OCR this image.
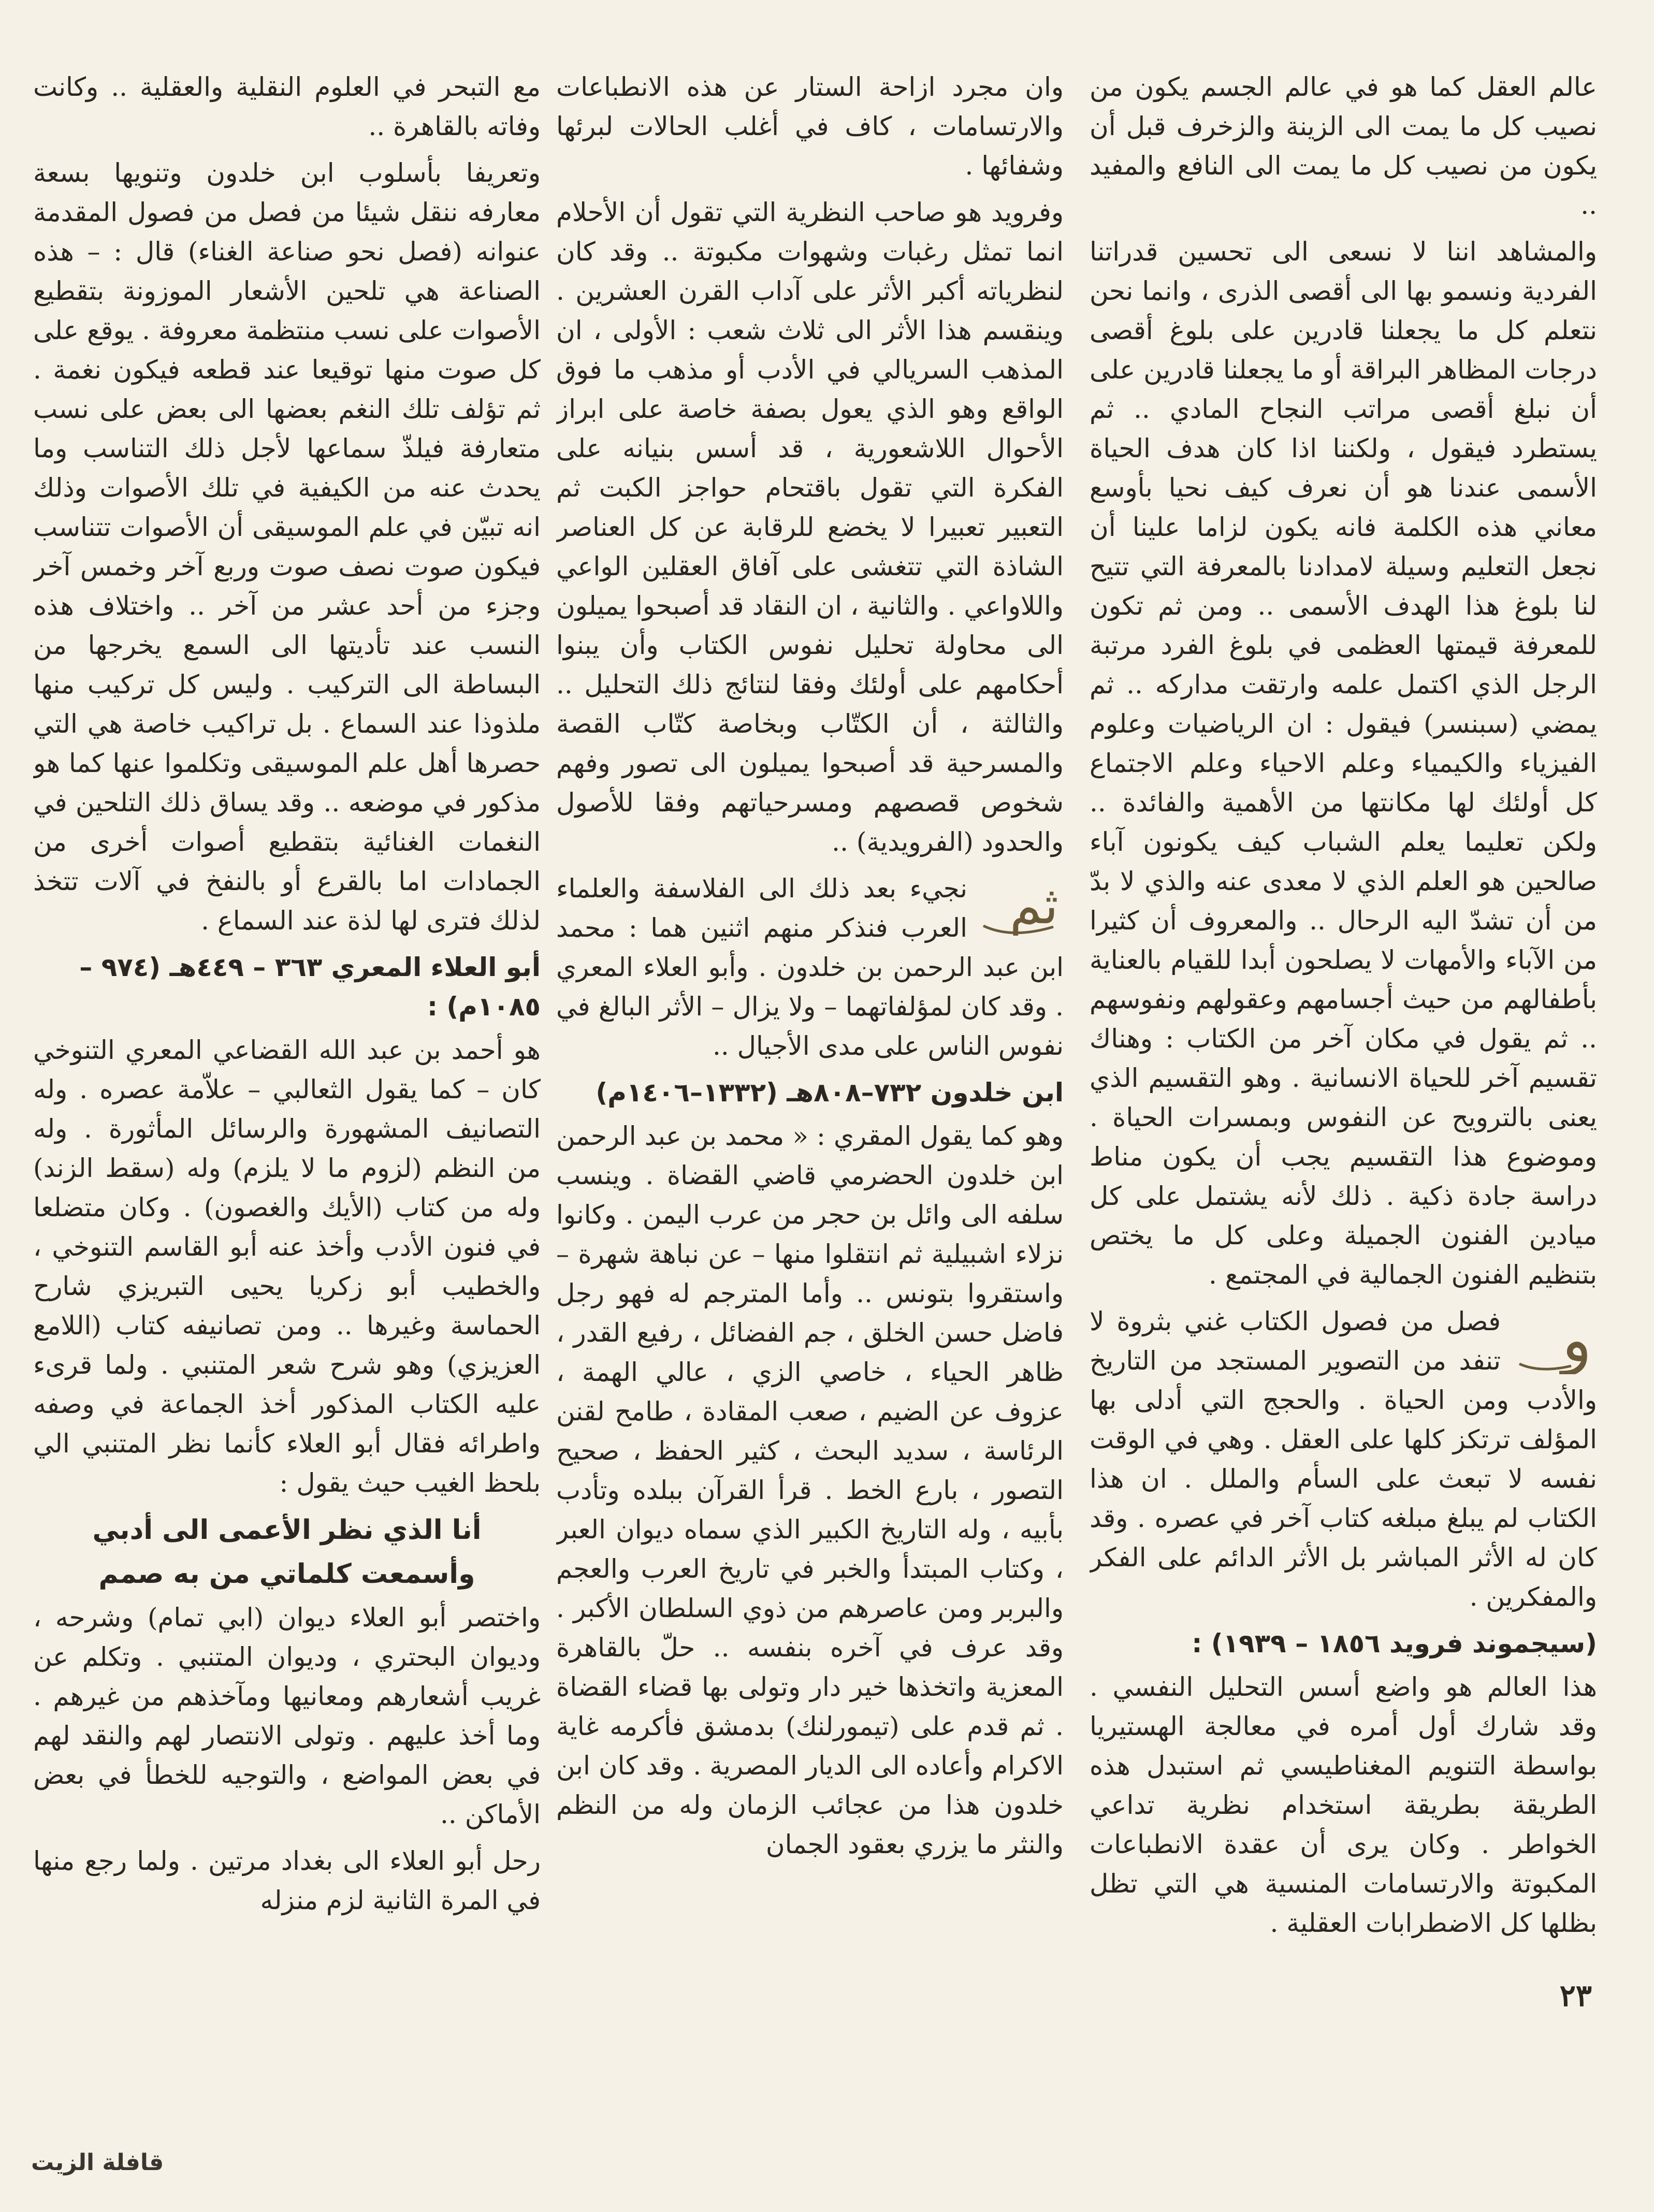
عالم العقل كما هو في عالم الجسم يكون من نصيب كل ما يمت الى الزينة والزخرف قبل أن يكون من نصيب كل ما يمت الى النافع والمفيد ..

والمشاهد اننا لا نسعى الى تحسين قدراتنا الفردية ونسمو بها الى أقصى الذرى ، وانما نحن نتعلم كل ما يجعلنا قادرين على بلوغ أقصى درجات المظاهر البراقة أو ما يجعلنا قادرين على أن نبلغ أقصى مراتب النجاح المادي .. ثم يستطرد فيقول ، ولكننا اذا كان هدف الحياة الأسمى عندنا هو أن نعرف كيف نحيا بأوسع معاني هذه الكلمة فانه يكون لزاما علينا أن نجعل التعليم وسيلة لامدادنا بالمعرفة التي تتيح لنا بلوغ هذا الهدف الأسمى .. ومن ثم تكون للمعرفة قيمتها العظمى في بلوغ الفرد مرتبة الرجل الذي اكتمل علمه وارتقت مداركه .. ثم يمضي (سبنسر) فيقول : ان الرياضيات وعلوم الفيزياء والكيمياء وعلم الاحياء وعلم الاجتماع كل أولئك لها مكانتها من الأهمية والفائدة .. ولكن تعليما يعلم الشباب كيف يكونون آباء صالحين هو العلم الذي لا معدى عنه والذي لا بدّ من أن تشدّ اليه الرحال .. والمعروف أن كثيرا من الآباء والأمهات لا يصلحون أبدا للقيام بالعناية بأطفالهم من حيث أجسامهم وعقولهم ونفوسهم .. ثم يقول في مكان آخر من الكتاب : وهناك تقسيم آخر للحياة الانسانية . وهو التقسيم الذي يعنى بالترويح عن النفوس وبمسرات الحياة . وموضوع هذا التقسيم يجب أن يكون مناط دراسة جادة ذكية . ذلك لأنه يشتمل على كل ميادين الفنون الجميلة وعلى كل ما يختص بتنظيم الفنون الجمالية في المجتمع .

و
فصل من فصول الكتاب غني بثروة لا تنفد من التصوير المستجد من التاريخ والأدب ومن الحياة . والحجج التي أدلى بها المؤلف ترتكز كلها على العقل . وهي في الوقت نفسه لا تبعث على السأم والملل . ان هذا الكتاب لم يبلغ مبلغه كتاب آخر في عصره . وقد كان له الأثر المباشر بل الأثر الدائم على الفكر والمفكرين .

(سيجموند فرويد ١٨٥٦ – ١٩٣٩) :

هذا العالم هو واضع أسس التحليل النفسي . وقد شارك أول أمره في معالجة الهستيريا بواسطة التنويم المغناطيسي ثم استبدل هذه الطريقة بطريقة استخدام نظرية تداعي الخواطر . وكان يرى أن عقدة الانطباعات المكبوتة والارتسامات المنسية هي التي تظل بظلها كل الاضطرابات العقلية .

وان مجرد ازاحة الستار عن هذه الانطباعات والارتسامات ، كاف في أغلب الحالات لبرئها وشفائها .

وفرويد هو صاحب النظرية التي تقول أن الأحلام انما تمثل رغبات وشهوات مكبوتة .. وقد كان لنظرياته أكبر الأثر على آداب القرن العشرين . وينقسم هذا الأثر الى ثلاث شعب : الأولى ، ان المذهب السريالي في الأدب أو مذهب ما فوق الواقع وهو الذي يعول بصفة خاصة على ابراز الأحوال اللاشعورية ، قد أسس بنيانه على الفكرة التي تقول باقتحام حواجز الكبت ثم التعبير تعبيرا لا يخضع للرقابة عن كل العناصر الشاذة التي تتغشى على آفاق العقلين الواعي واللاواعي . والثانية ، ان النقاد قد أصبحوا يميلون الى محاولة تحليل نفوس الكتاب وأن يبنوا أحكامهم على أولئك وفقا لنتائج ذلك التحليل .. والثالثة ، أن الكتّاب وبخاصة كتّاب القصة والمسرحية قد أصبحوا يميلون الى تصور وفهم شخوص قصصهم ومسرحياتهم وفقا للأصول والحدود (الفرويدية) ..

ثم
نجيء بعد ذلك الى الفلاسفة والعلماء العرب فنذكر منهم اثنين هما : محمد ابن عبد الرحمن بن خلدون . وأبو العلاء المعري . وقد كان لمؤلفاتهما – ولا يزال – الأثر البالغ في نفوس الناس على مدى الأجيال ..

ابن خلدون ٧٣٢–٨٠٨هـ (١٣٣٢–١٤٠٦م)

وهو كما يقول المقري : « محمد بن عبد الرحمن ابن خلدون الحضرمي قاضي القضاة . وينسب سلفه الى وائل بن حجر من عرب اليمن . وكانوا نزلاء اشبيلية ثم انتقلوا منها – عن نباهة شهرة – واستقروا بتونس .. وأما المترجم له فهو رجل فاضل حسن الخلق ، جم الفضائل ، رفيع القدر ، ظاهر الحياء ، خاصي الزي ، عالي الهمة ، عزوف عن الضيم ، صعب المقادة ، طامح لقنن الرئاسة ، سديد البحث ، كثير الحفظ ، صحيح التصور ، بارع الخط . قرأ القرآن ببلده وتأدب بأبيه ، وله التاريخ الكبير الذي سماه ديوان العبر ، وكتاب المبتدأ والخبر في تاريخ العرب والعجم والبربر ومن عاصرهم من ذوي السلطان الأكبر . وقد عرف في آخره بنفسه .. حلّ بالقاهرة المعزية واتخذها خير دار وتولى بها قضاء القضاة . ثم قدم على (تيمورلنك) بدمشق فأكرمه غاية الاكرام وأعاده الى الديار المصرية . وقد كان ابن خلدون هذا من عجائب الزمان وله من النظم والنثر ما يزري بعقود الجمان

مع التبحر في العلوم النقلية والعقلية .. وكانت وفاته بالقاهرة ..

وتعريفا بأسلوب ابن خلدون وتنويها بسعة معارفه ننقل شيئا من فصل من فصول المقدمة عنوانه (فصل نحو صناعة الغناء) قال : – هذه الصناعة هي تلحين الأشعار الموزونة بتقطيع الأصوات على نسب منتظمة معروفة . يوقع على كل صوت منها توقيعا عند قطعه فيكون نغمة . ثم تؤلف تلك النغم بعضها الى بعض على نسب متعارفة فيلذّ سماعها لأجل ذلك التناسب وما يحدث عنه من الكيفية في تلك الأصوات وذلك انه تبيّن في علم الموسيقى أن الأصوات تتناسب فيكون صوت نصف صوت وربع آخر وخمس آخر وجزء من أحد عشر من آخر .. واختلاف هذه النسب عند تأديتها الى السمع يخرجها من البساطة الى التركيب . وليس كل تركيب منها ملذوذا عند السماع . بل تراكيب خاصة هي التي حصرها أهل علم الموسيقى وتكلموا عنها كما هو مذكور في موضعه .. وقد يساق ذلك التلحين في النغمات الغنائية بتقطيع أصوات أخرى من الجمادات اما بالقرع أو بالنفخ في آلات تتخذ لذلك فترى لها لذة عند السماع .

أبو العلاء المعري ٣٦٣ – ٤٤٩هـ (٩٧٤ – ١٠٨٥م) :

هو أحمد بن عبد الله القضاعي المعري التنوخي كان – كما يقول الثعالبي – علاّمة عصره . وله التصانيف المشهورة والرسائل المأثورة . وله من النظم (لزوم ما لا يلزم) وله (سقط الزند) وله من كتاب (الأيك والغصون) . وكان متضلعا في فنون الأدب وأخذ عنه أبو القاسم التنوخي ، والخطيب أبو زكريا يحيى التبريزي شارح الحماسة وغيرها .. ومن تصانيفه كتاب (اللامع العزيزي) وهو شرح شعر المتنبي . ولما قرىء عليه الكتاب المذكور أخذ الجماعة في وصفه واطرائه فقال أبو العلاء كأنما نظر المتنبي الي بلحظ الغيب حيث يقول :

أنا الذي نظر الأعمى الى أدبي
وأسمعت كلماتي من به صمم

واختصر أبو العلاء ديوان (ابي تمام) وشرحه ، وديوان البحتري ، وديوان المتنبي . وتكلم عن غريب أشعارهم ومعانيها ومآخذهم من غيرهم . وما أخذ عليهم . وتولى الانتصار لهم والنقد لهم في بعض المواضع ، والتوجيه للخطأ في بعض الأماكن ..

رحل أبو العلاء الى بغداد مرتين . ولما رجع منها في المرة الثانية لزم منزله

٢٣
قافلة الزيت
